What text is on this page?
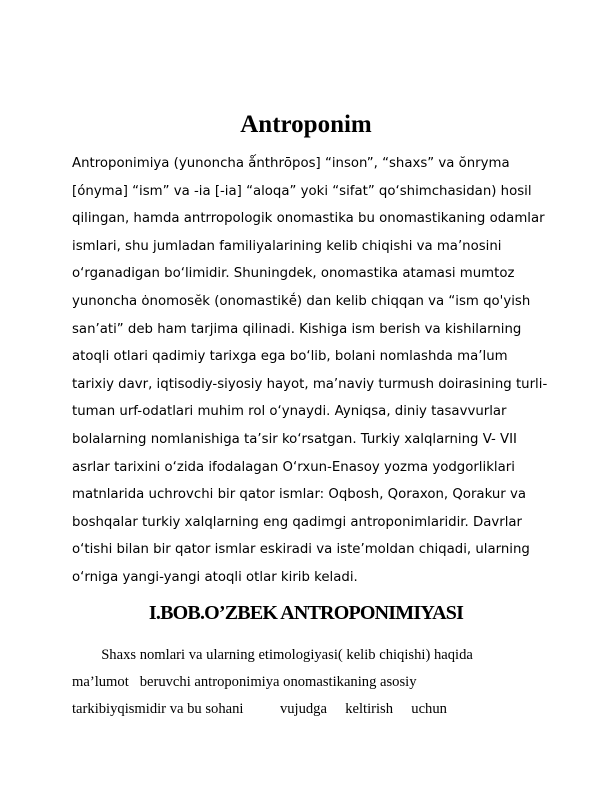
Antroponim
Antroponimiya (yunoncha ǻnthrōpos] “inson”, “shaxs” va ŏnryma
[ónyma] “ism” va -ia [-ia] “aloqa” yoki “sifat” qo‘shimchasidan) hosil
qilingan, hamda antrropologik onomastika bu onomastikaning odamlar
ismlari, shu jumladan familiyalarining kelib chiqishi va ma’nosini
o‘rganadigan bo‘limidir. Shuningdek, onomastika atamasi mumtoz
yunoncha ȯnomosĕk (onomastikḗ) dan kelib chiqqan va “ism qo'yish
san’ati” deb ham tarjima qilinadi. Kishiga ism berish va kishilarning
atoqli otlari qadimiy tarixga ega bo‘lib, bolani nomlashda ma’lum
tarixiy davr, iqtisodiy-siyosiy hayot, ma’naviy turmush doirasining turli-
tuman urf-odatlari muhim rol o‘ynaydi. Ayniqsa, diniy tasavvurlar
bolalarning nomlanishiga ta’sir ko‘rsatgan. Turkiy xalqlarning V- VII
asrlar tarixini o‘zida ifodalagan O‘rxun-Enasoy yozma yodgorliklari
matnlarida uchrovchi bir qator ismlar: Oqbosh, Qoraxon, Qorakur va
boshqalar turkiy xalqlarning eng qadimgi antroponimlaridir. Davrlar
o‘tishi bilan bir qator ismlar eskiradi va iste’moldan chiqadi, ularning
o‘rniga yangi-yangi atoqli otlar kirib keladi.
I.BOB.O’ZBEK ANTROPONIMIYASI
Shaxs nomlari va ularning etimologiyasi( kelib chiqishi) haqida
ma’lumot   beruvchi antroponimiya onomastikaning asosiy
tarkibiyqismidir va bu sohani          vujudga     keltirish     uchun
